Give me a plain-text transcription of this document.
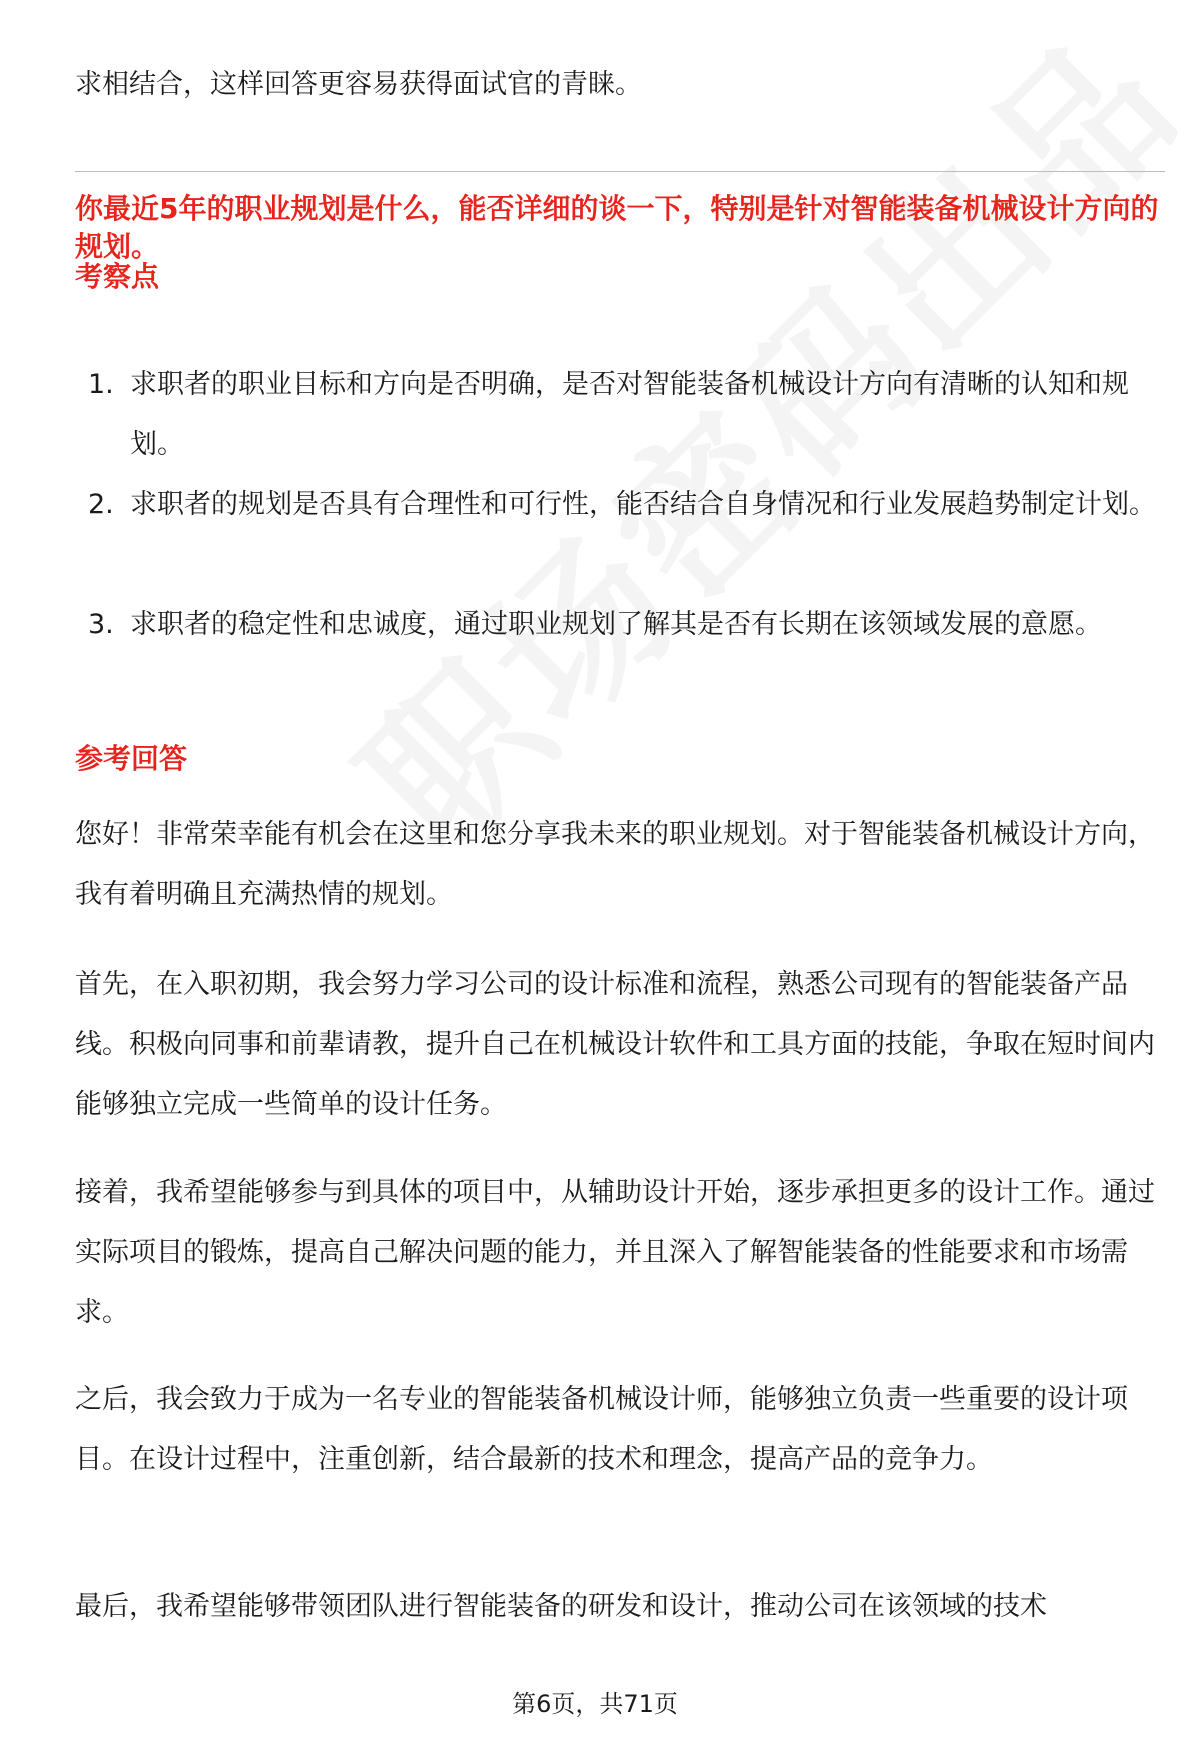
求相结合，这样回答更容易获得面试官的青睐。

你最近5年的职业规划是什么，能否详细的谈一下，特别是针对智能装备机械设计方向的规划。

考察点
1. 求职者的职业目标和方向是否明确，是否对智能装备机械设计方向有清晰的认知和规划。
2. 求职者的规划是否具有合理性和可行性，能否结合自身情况和行业发展趋势制定计划。
3. 求职者的稳定性和忠诚度，通过职业规划了解其是否有长期在该领域发展的意愿。
参考回答

您好！非常荣幸能有机会在这里和您分享我未来的职业规划。对于智能装备机械设计方向，我有着明确且充满热情的规划。

首先，在入职初期，我会努力学习公司的设计标准和流程，熟悉公司现有的智能装备产品线。积极向同事和前辈请教，提升自己在机械设计软件和工具方面的技能，争取在短时间内能够独立完成一些简单的设计任务。

接着，我希望能够参与到具体的项目中，从辅助设计开始，逐步承担更多的设计工作。通过实际项目的锻炼，提高自己解决问题的能力，并且深入了解智能装备的性能要求和市场需求。

之后，我会致力于成为一名专业的智能装备机械设计师，能够独立负责一些重要的设计项目。在设计过程中，注重创新，结合最新的技术和理念，提高产品的竞争力。

最后，我希望能够带领团队进行智能装备的研发和设计，推动公司在该领域的技术

第6页，共71页
